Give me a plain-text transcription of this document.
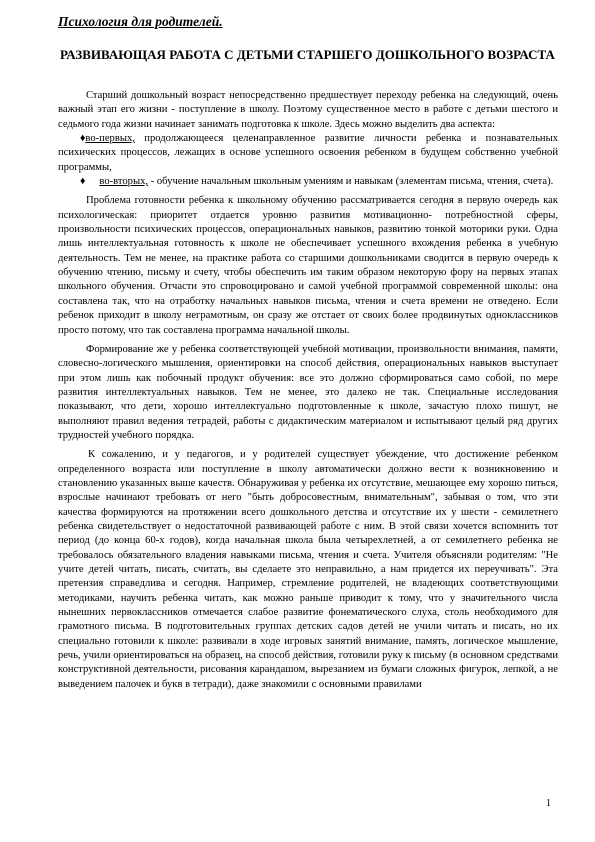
Психология для родителей.
РАЗВИВАЮЩАЯ РАБОТА С ДЕТЬМИ СТАРШЕГО ДОШКОЛЬНОГО ВОЗРАСТА

Старший дошкольный возраст непосредственно предшествует переходу ребенка на следующий, очень важный этап его жизни - поступление в школу. Поэтому существенное место в работе с детьми шестого и седьмого года жизни начинает занимать подготовка к школе. Здесь можно выделить два аспекта:

♦во-первых, продолжающееся целенаправленное развитие личности ребенка и познавательных психических процессов, лежащих в основе успешного освоения ребенком в будущем собственно учебной программы,

♦ во-вторых, - обучение начальным школьным умениям и навыкам (элементам письма, чтения, счета).

Проблема готовности ребенка к школьному обучению рассматривается сегодня в первую очередь как психологическая: приоритет отдается уровню развития мотивационно- потребностной сферы, произвольности психических процессов, операциональных навыков, развитию тонкой моторики руки. Одна лишь интеллектуальная готовность к школе не обеспечивает успешного вхождения ребенка в учебную деятельность. Тем не менее, на практике работа со старшими дошкольниками сводится в первую очередь к обучению чтению, письму и счету, чтобы обеспечить им таким образом некоторую фору на первых этапах школьного обучения. Отчасти это спровоцировано и самой учебной программой современной школы: она составлена так, что на отработку начальных навыков письма, чтения и счета времени не отведено. Если ребенок приходит в школу неграмотным, он сразу же отстает от своих более продвинутых одноклассников просто потому, что так составлена программа начальной школы.

Формирование же у ребенка соответствующей учебной мотивации, произвольности внимания, памяти, словесно-логического мышления, ориентировки на способ действия, операциональных навыков выступает при этом лишь как побочный продукт обучения: все это должно сформироваться само собой, по мере развития интеллектуальных навыков. Тем не менее, это далеко не так. Специальные исследования показывают, что дети, хорошо интеллектуально подготовленные к школе, зачастую плохо пишут, не выполняют правил ведения тетрадей, работы с дидактическим материалом и испытывают целый ряд других трудностей учебного порядка.

К сожалению, и у педагогов, и у родителей существует убеждение, что достижение ребенком определенного возраста или поступление в школу автоматически должно вести к возникновению и становлению указанных выше качеств. Обнаруживая у ребенка их отсутствие, мешающее ему хорошо питься, взрослые начинают требовать от него "быть добросовестным, внимательным", забывая о том, что эти качества формируются на протяжении всего дошкольного детства и отсутствие их у шести - семилетнего ребенка свидетельствует о недостаточной развивающей работе с ним. В этой связи хочется вспомнить тот период (до конца 60-х годов), когда начальная школа была четырехлетней, а от семилетнего ребенка не требовалось обязательного владения навыками письма, чтения и счета. Учителя объясняли родителям: "Не учите детей читать, писать, считать, вы сделаете это неправильно, а нам придется их переучивать". Эта претензия справедлива и сегодня. Например, стремление родителей, не владеющих соответствующими методиками, научить ребенка читать, как можно раньше приводит к тому, что у значительного числа нынешних первоклассников отмечается слабое развитие фонематического слуха, столь необходимого для грамотного письма. В подготовительных группах детских садов детей не учили читать и писать, но их специально готовили к школе: развивали в ходе игровых занятий внимание, память, логическое мышление, речь, учили ориентироваться на образец, на способ действия, готовили руку к письму (в основном средствами конструктивной деятельности, рисования карандашом, вырезанием из бумаги сложных фигурок, лепкой, а не выведением палочек и букв в тетради), даже знакомили с основными правилами

1
